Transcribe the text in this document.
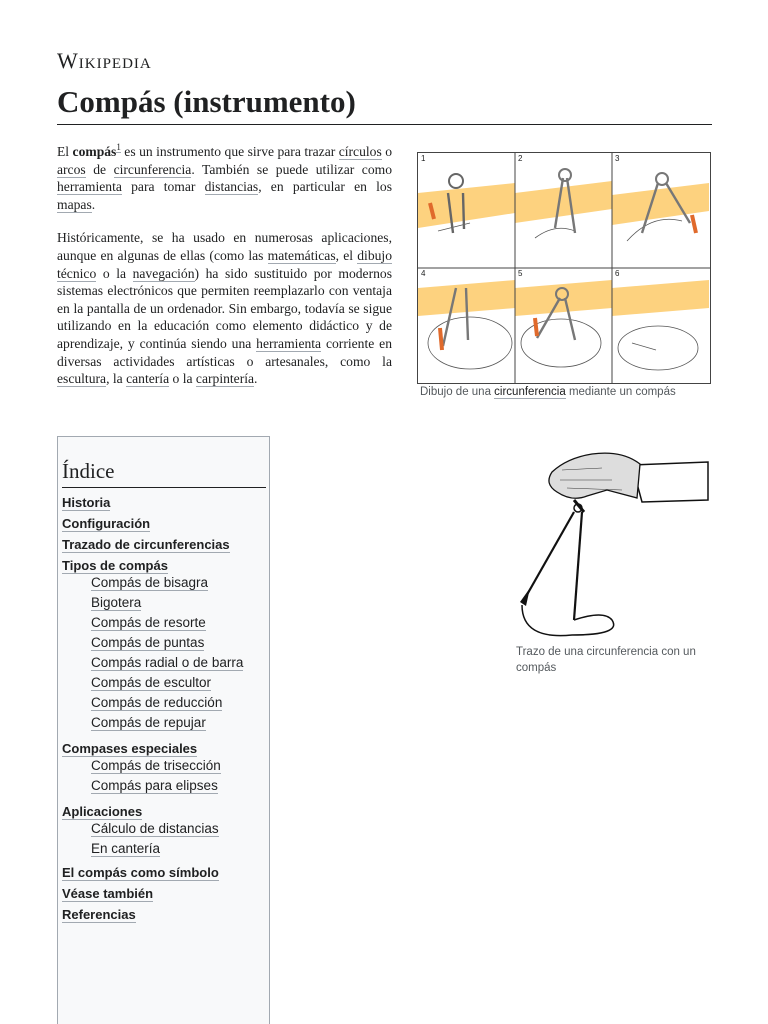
Wikipedia
Compás (instrumento)

El compás$^1$ es un instrumento que sirve para trazar círculos o arcos de circunferencia. También se puede utilizar como herramienta para tomar distancias, en particular en los mapas.

Históricamente, se ha usado en numerosas aplicaciones, aunque en algunas de ellas (como las matemáticas, el dibujo técnico o la navegación) ha sido sustituido por modernos sistemas electrónicos que permiten reemplazarlo con ventaja en la pantalla de un ordenador. Sin embargo, todavía se sigue utilizando en la educación como elemento didáctico y de aprendizaje, y continúa siendo una herramienta corriente en diversas actividades artísticas o artesanales, como la escultura, la cantería o la carpintería.

1	2	3
4	5	6
Dibujo de una circunferencia mediante un compás
Trazo de una circunferencia con un compás
Índice
Historia
Configuración
Trazado de circunferencias
Tipos de compás
Compás de bisagra
Bigotera
Compás de resorte
Compás de puntas
Compás radial o de barra
Compás de escultor
Compás de reducción
Compás de repujar
Compases especiales
Compás de trisección
Compás para elipses
Aplicaciones
Cálculo de distancias
En cantería
El compás como símbolo
Véase también
Referencias
